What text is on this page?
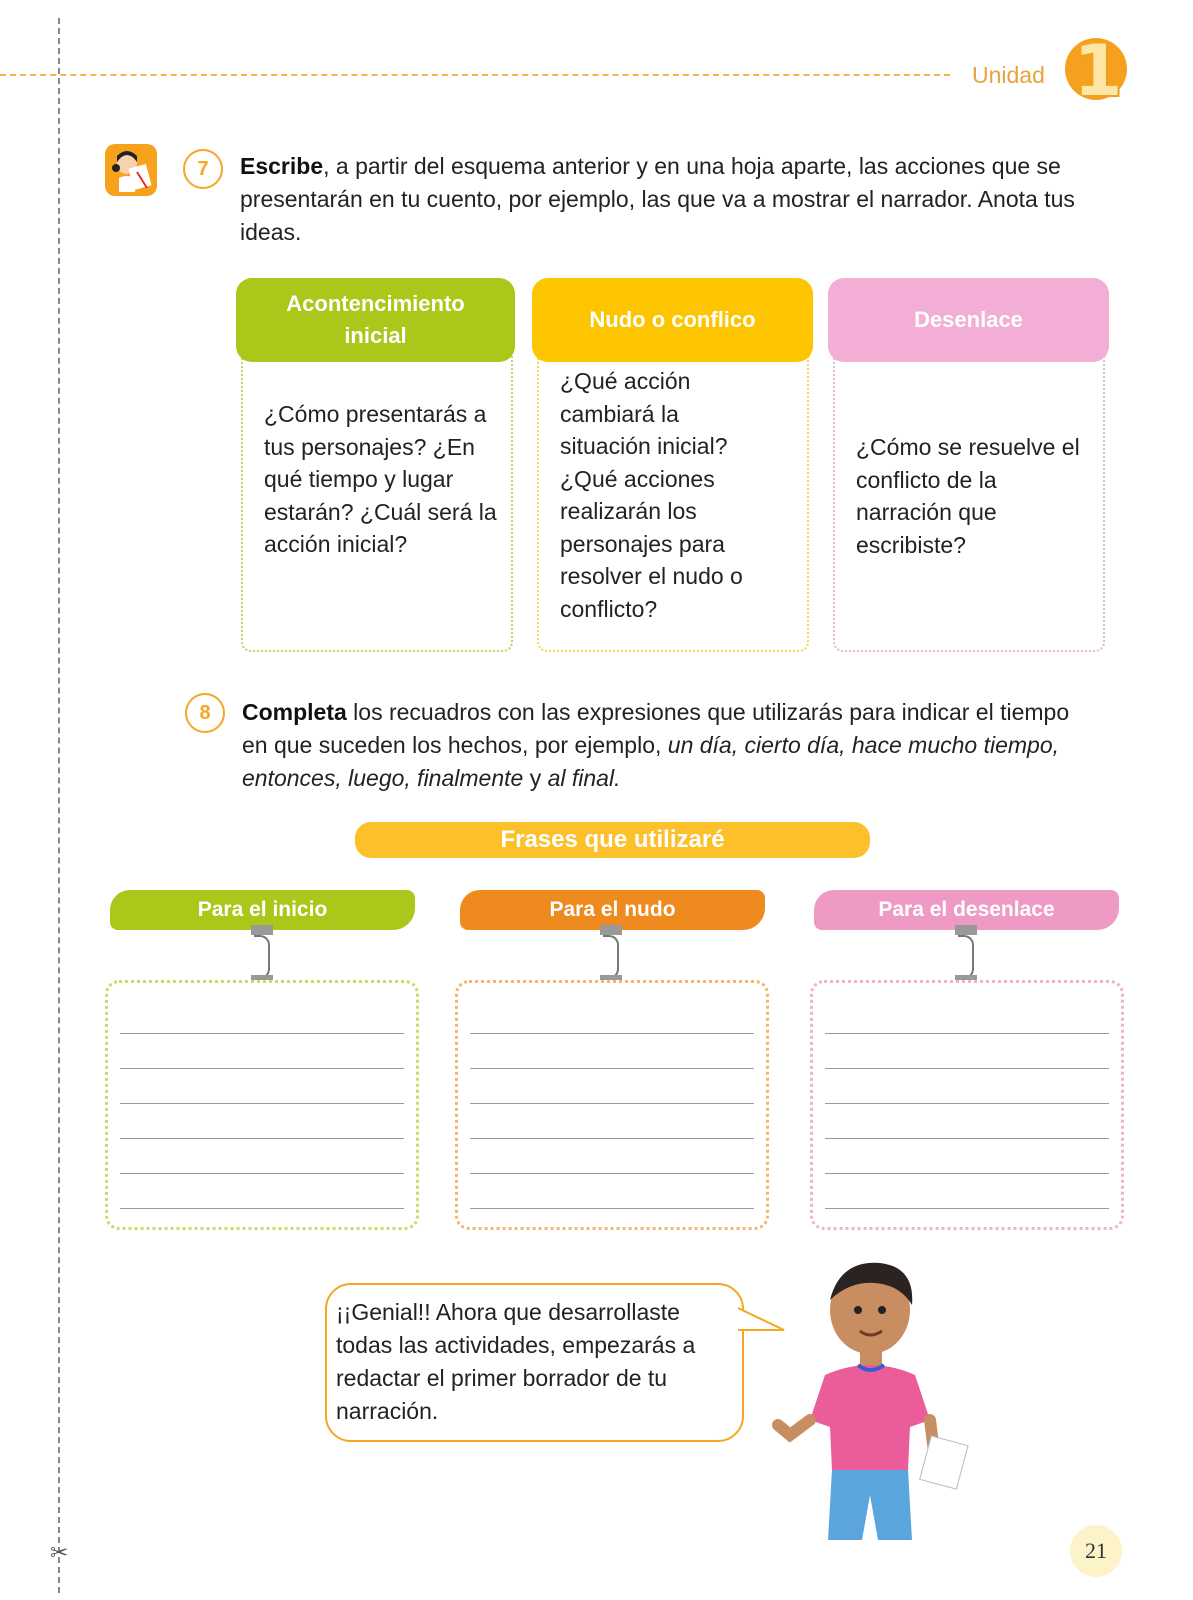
Unidad 1
7	Escribe, a partir del esquema anterior y en una hoja aparte, las acciones que se presentarán en tu cuento, por ejemplo, las que va a mostrar el narrador. Anota tus ideas.
Acontencimiento inicial
¿Cómo presentarás a tus personajes? ¿En qué tiempo y lugar estarán? ¿Cuál será la acción inicial?
Nudo o conflico
¿Qué acción cambiará la situación inicial? ¿Qué acciones realizarán los personajes para resolver el nudo o conflicto?
Desenlace
¿Cómo se resuelve el conflicto de la narración que escribiste?
8	Completa los recuadros con las expresiones que utilizarás para indicar el tiempo en que suceden los hechos, por ejemplo, un día, cierto día, hace mucho tiempo, entonces, luego, finalmente y al final.
Frases que utilizaré
Para el inicio	Para el nudo	Para el desenlace
¡¡Genial!! Ahora que desarrollaste todas las actividades, empezarás a redactar el primer borrador de tu narración.
21
✂
